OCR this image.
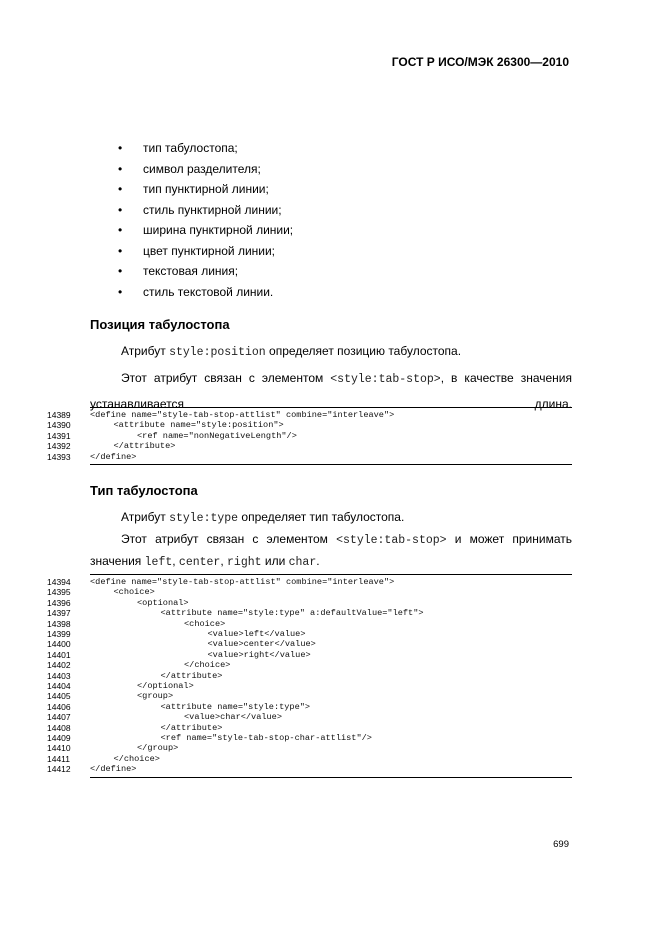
ГОСТ Р ИСО/МЭК 26300—2010
• тип табулостопа;
• символ разделителя;
• тип пунктирной линии;
• стиль пунктирной линии;
• ширина пунктирной линии;
• цвет пунктирной линии;
• текстовая линия;
• стиль текстовой линии.
Позиция табулостопа
Атрибут style:position определяет позицию табулостопа.
Этот атрибут связан с элементом <style:tab-stop>, в качестве значения устанавливается длина.
14389	<define name="style-tab-stop-attlist" combine="interleave">
14390	<attribute name="style:position">
14391	<ref name="nonNegativeLength"/>
14392	</attribute>
14393	</define>
Тип табулостопа
Атрибут style:type определяет тип табулостопа.
Этот атрибут связан с элементом <style:tab-stop> и может принимать
значения left, center, right или char.
14394	<define name="style-tab-stop-attlist" combine="interleave">
14395	<choice>
14396	<optional>
14397	<attribute name="style:type" a:defaultValue="left">
14398	<choice>
14399	<value>left</value>
14400	<value>center</value>
14401	<value>right</value>
14402	</choice>
14403	</attribute>
14404	</optional>
14405	<group>
14406	<attribute name="style:type">
14407	<value>char</value>
14408	</attribute>
14409	<ref name="style-tab-stop-char-attlist"/>
14410	</group>
14411	</choice>
14412	</define>
699
